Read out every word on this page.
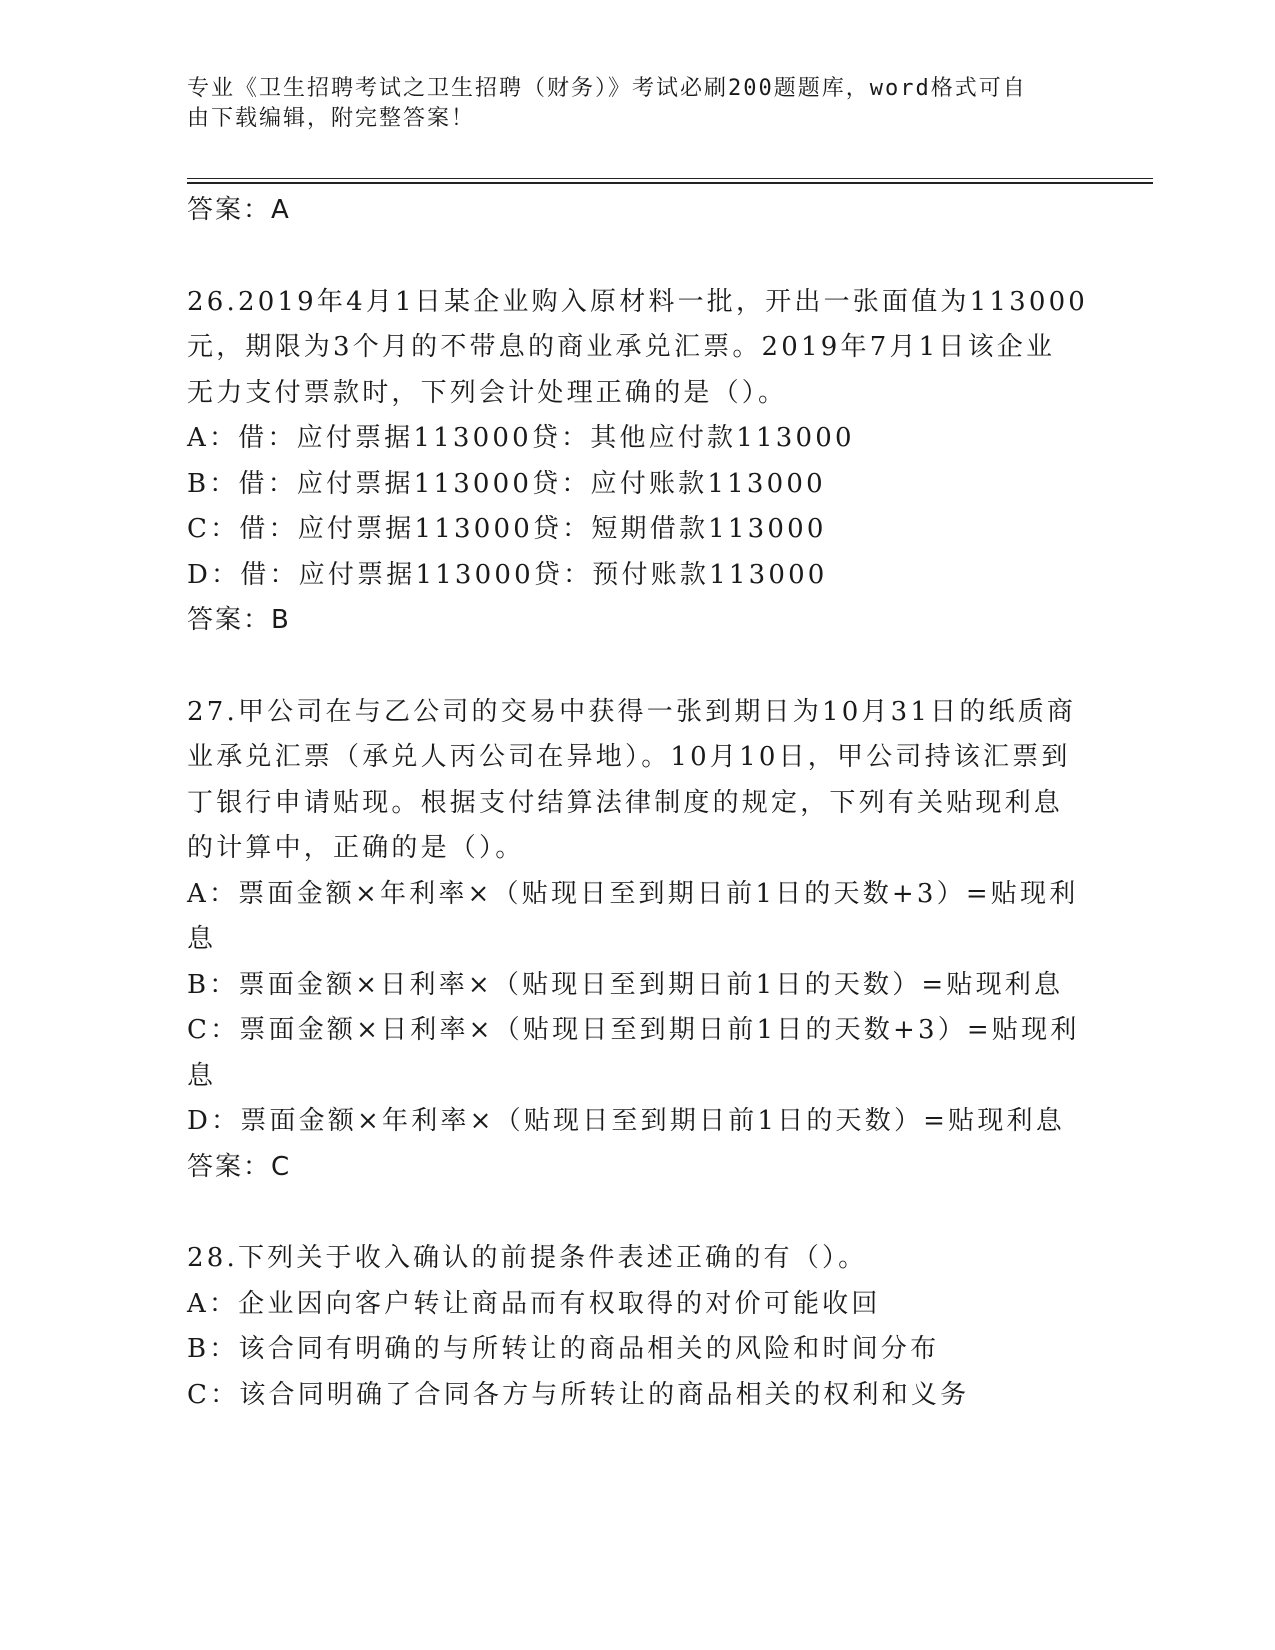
专业《卫生招聘考试之卫生招聘（财务）》考试必刷200题题库，word格式可自
由下载编辑，附完整答案！
答案：A
26.2019年4月1日某企业购入原材料一批，开出一张面值为113000
元，期限为3个月的不带息的商业承兑汇票。2019年7月1日该企业
无力支付票款时，下列会计处理正确的是（）。
A：借：应付票据113000贷：其他应付款113000
B：借：应付票据113000贷：应付账款113000
C：借：应付票据113000贷：短期借款113000
D：借：应付票据113000贷：预付账款113000
答案：B
27.甲公司在与乙公司的交易中获得一张到期日为10月31日的纸质商
业承兑汇票（承兑人丙公司在异地）。10月10日，甲公司持该汇票到
丁银行申请贴现。根据支付结算法律制度的规定，下列有关贴现利息
的计算中，正确的是（）。
A：票面金额×年利率×（贴现日至到期日前1日的天数+3）=贴现利
息
B：票面金额×日利率×（贴现日至到期日前1日的天数）=贴现利息
C：票面金额×日利率×（贴现日至到期日前1日的天数+3）=贴现利
息
D：票面金额×年利率×（贴现日至到期日前1日的天数）=贴现利息
答案：C
28.下列关于收入确认的前提条件表述正确的有（）。
A：企业因向客户转让商品而有权取得的对价可能收回
B：该合同有明确的与所转让的商品相关的风险和时间分布
C：该合同明确了合同各方与所转让的商品相关的权利和义务
